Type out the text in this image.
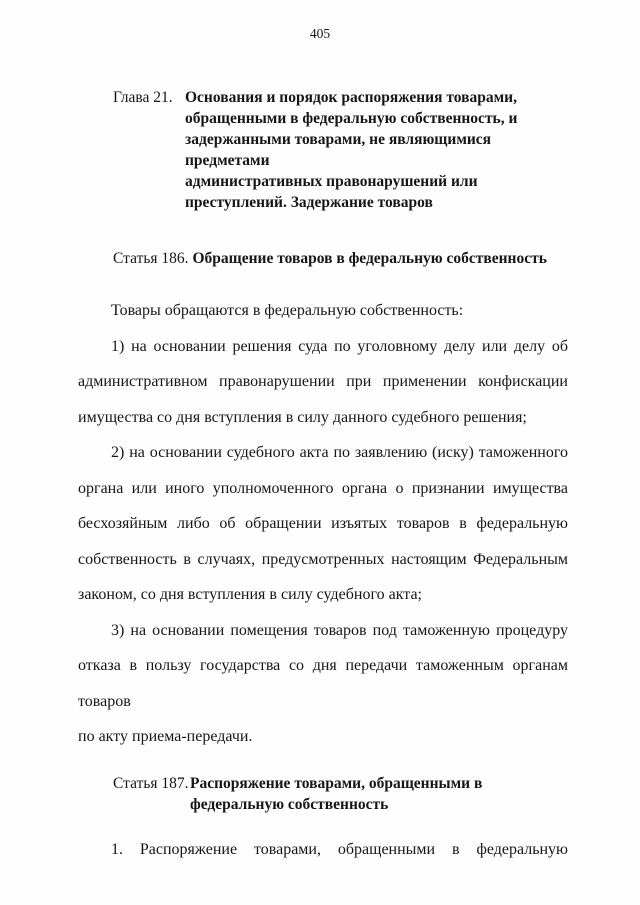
405
Глава 21. Основания и порядок распоряжения товарами,
обращенными в федеральную собственность, и
задержанными товарами, не являющимися предметами
административных правонарушений или
преступлений. Задержание товаров
Статья 186. Обращение товаров в федеральную собственность
Товары обращаются в федеральную собственность:
1) на основании решения суда по уголовному делу или делу об
административном правонарушении при применении конфискации
имущества со дня вступления в силу данного судебного решения;
2) на основании судебного акта по заявлению (иску) таможенного
органа или иного уполномоченного органа о признании имущества
бесхозяйным либо об обращении изъятых товаров в федеральную
собственность в случаях, предусмотренных настоящим Федеральным
законом, со дня вступления в силу судебного акта;
3) на основании помещения товаров под таможенную процедуру
отказа в пользу государства со дня передачи таможенным органам товаров
по акту приема-передачи.
Статья 187. Распоряжение товарами, обращенными в
федеральную собственность
1. Распоряжение товарами, обращенными в федеральную
